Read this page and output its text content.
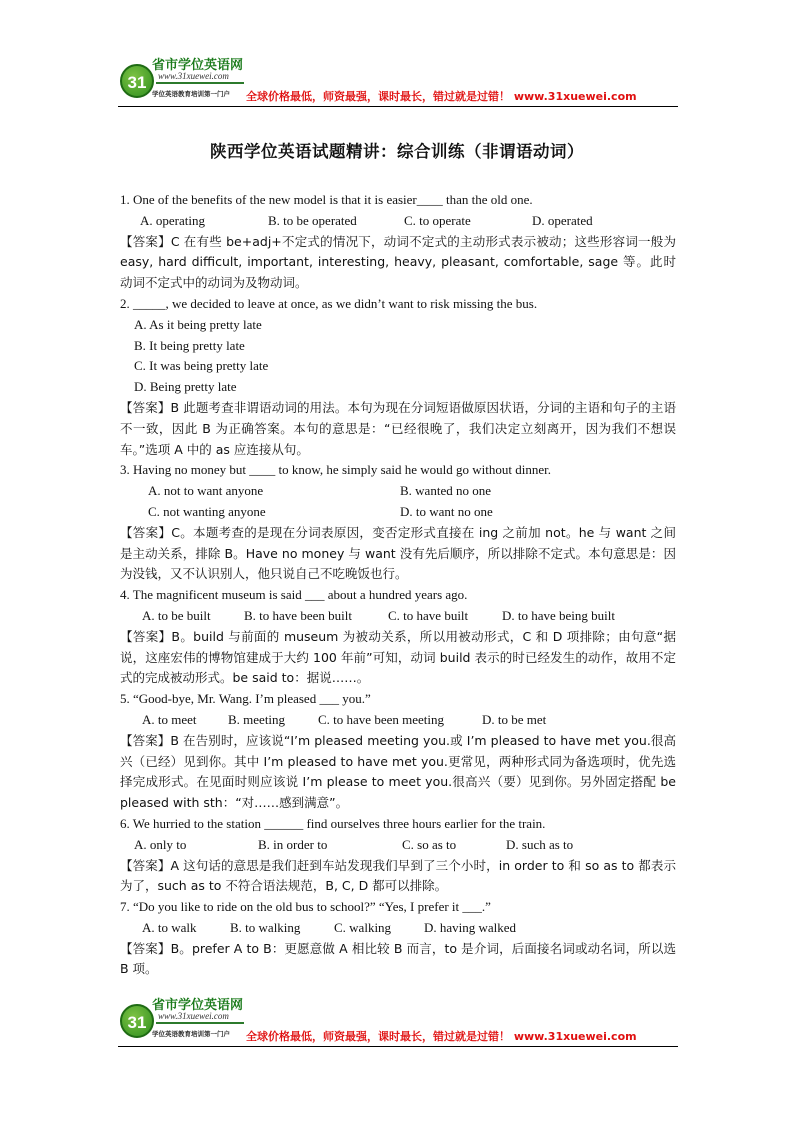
31
省市学位英语网
www.31xuewei.com
学位英语教育培训第一门户 全球价格最低，师资最强，课时最长，错过就是过错！ www.31xuewei.com
陕西学位英语试题精讲：综合训练（非谓语动词）
1. One of the benefits of the new model is that it is easier____ than the old one.
A. operating	B. to be operated	C. to operate	D. operated
【答案】C 在有些 be+adj+不定式的情况下，动词不定式的主动形式表示被动；这些形容词一般为 easy, hard difficult, important, interesting, heavy, pleasant, comfortable, sage 等。此时动词不定式中的动词为及物动词。
2. _____, we decided to leave at once, as we didn’t want to risk missing the bus.
A. As it being pretty late
B. It being pretty late
C. It was being pretty late
D. Being pretty late
【答案】B 此题考查非谓语动词的用法。本句为现在分词短语做原因状语，分词的主语和句子的主语不一致，因此 B 为正确答案。本句的意思是：“已经很晚了，我们决定立刻离开，因为我们不想误车。”选项 A 中的 as 应连接从句。
3. Having no money but ____ to know, he simply said he would go without dinner.
A. not to want anyone	B. wanted no one
C. not wanting anyone	D. to want no one
【答案】C。本题考查的是现在分词表原因，变否定形式直接在 ing 之前加 not。he 与 want 之间是主动关系，排除 B。Have no money 与 want 没有先后顺序，所以排除不定式。本句意思是：因为没钱，又不认识别人，他只说自己不吃晚饭也行。
4. The magnificent museum is said ___ about a hundred years ago.
A. to be built	B. to have been built	C. to have built	D. to have being built
【答案】B。build 与前面的 museum 为被动关系，所以用被动形式，C 和 D 项排除；由句意“据说，这座宏伟的博物馆建成于大约 100 年前”可知，动词 build 表示的时已经发生的动作，故用不定式的完成被动形式。be said to：据说……。
5. “Good-bye, Mr. Wang. I’m pleased ___ you.”
A. to meet B. meeting	C. to have been meeting	D. to be met
【答案】B 在告别时，应该说“I’m pleased meeting you.或 I’m pleased to have met you.很高兴（已经）见到你。其中 I’m pleased to have met you.更常见，两种形式同为备选项时，优先选择完成形式。在见面时则应该说 I’m please to meet you.很高兴（要）见到你。另外固定搭配 be pleased with sth：“对……感到满意”。
6. We hurried to the station ______ find ourselves three hours earlier for the train.
A. only to	B. in order to	C. so as to	D. such as to
【答案】A 这句话的意思是我们赶到车站发现我们早到了三个小时，in order to 和 so as to 都表示为了，such as to 不符合语法规范，B, C, D 都可以排除。
7. “Do you like to ride on the old bus to school?” “Yes, I prefer it ___.”
A. to walk	B. to walking	C. walking	D. having walked
【答案】B。prefer A to B：更愿意做 A 相比较 B 而言，to 是介词，后面接名词或动名词，所以选 B 项。
31
省市学位英语网
www.31xuewei.com
学位英语教育培训第一门户 全球价格最低，师资最强，课时最长，错过就是过错！ www.31xuewei.com
